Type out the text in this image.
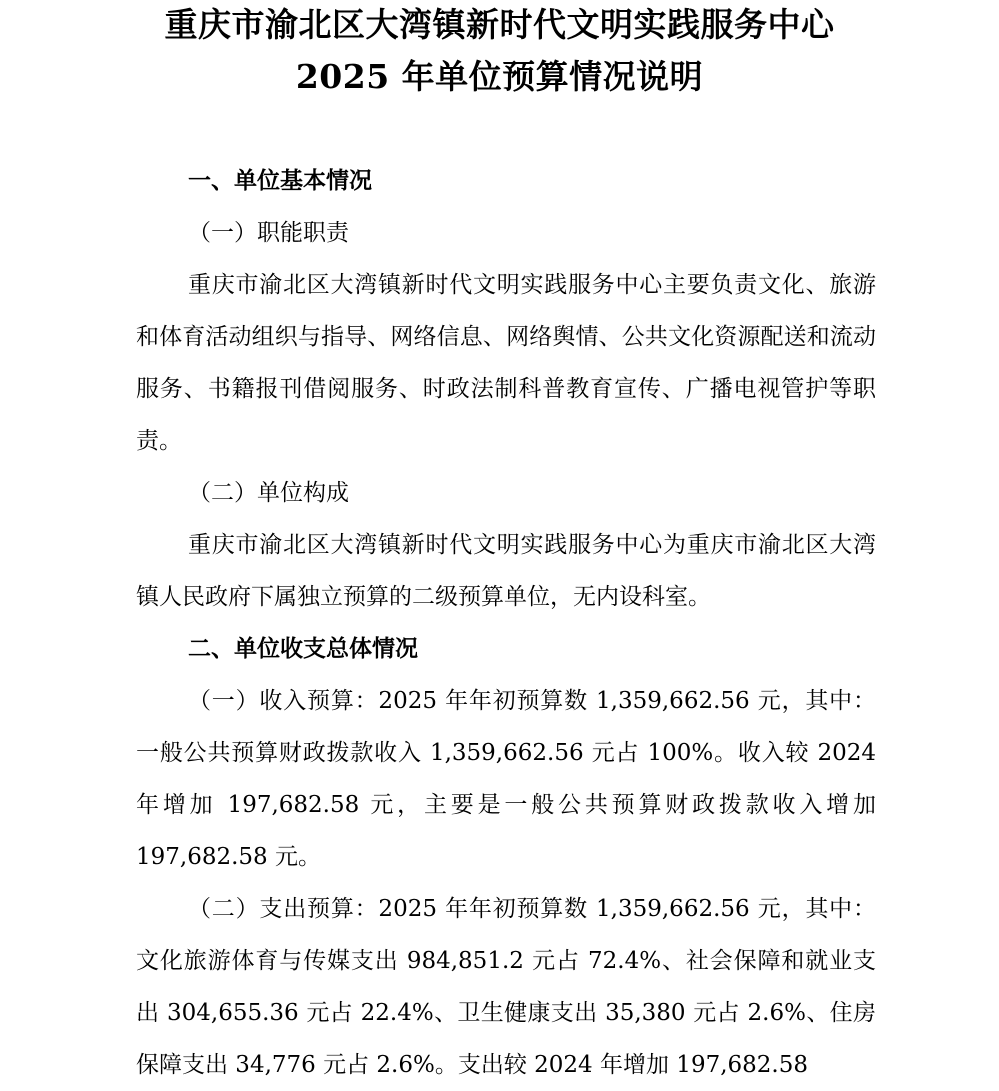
重庆市渝北区大湾镇新时代文明实践服务中心
2025 年单位预算情况说明
一、单位基本情况
（一）职能职责
重庆市渝北区大湾镇新时代文明实践服务中心主要负责文化、旅游和体育活动组织与指导、网络信息、网络舆情、公共文化资源配送和流动服务、书籍报刊借阅服务、时政法制科普教育宣传、广播电视管护等职责。
（二）单位构成
重庆市渝北区大湾镇新时代文明实践服务中心为重庆市渝北区大湾镇人民政府下属独立预算的二级预算单位，无内设科室。
二、单位收支总体情况
（一）收入预算：2025 年年初预算数 1,359,662.56 元，其中：一般公共预算财政拨款收入 1,359,662.56 元占 100%。收入较 2024 年增加 197,682.58 元，主要是一般公共预算财政拨款收入增加 197,682.58 元。
（二）支出预算：2025 年年初预算数 1,359,662.56 元，其中：文化旅游体育与传媒支出 984,851.2 元占 72.4%、社会保障和就业支出 304,655.36 元占 22.4%、卫生健康支出 35,380 元占 2.6%、住房保障支出 34,776 元占 2.6%。支出较 2024 年增加 197,682.58
